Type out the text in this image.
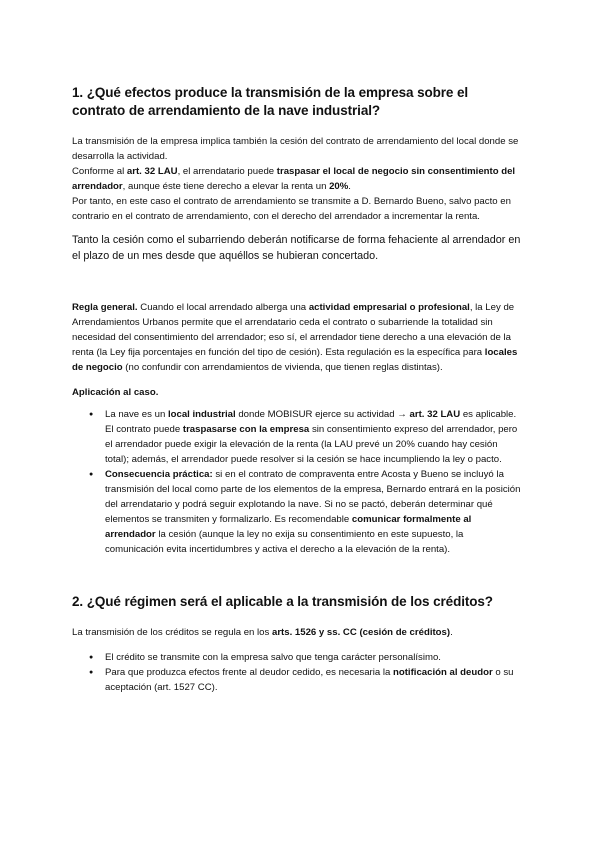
1. ¿Qué efectos produce la transmisión de la empresa sobre el contrato de arrendamiento de la nave industrial?

La transmisión de la empresa implica también la cesión del contrato de arrendamiento del local donde se desarrolla la actividad.

Conforme al art. 32 LAU, el arrendatario puede traspasar el local de negocio sin consentimiento del arrendador, aunque éste tiene derecho a elevar la renta un 20%.

Por tanto, en este caso el contrato de arrendamiento se transmite a D. Bernardo Bueno, salvo pacto en contrario en el contrato de arrendamiento, con el derecho del arrendador a incrementar la renta.

Tanto la cesión como el subarriendo deberán notificarse de forma fehaciente al arrendador en el plazo de un mes desde que aquéllos se hubieran concertado.

Regla general. Cuando el local arrendado alberga una actividad empresarial o profesional, la Ley de Arrendamientos Urbanos permite que el arrendatario ceda el contrato o subarriende la totalidad sin necesidad del consentimiento del arrendador; eso sí, el arrendador tiene derecho a una elevación de la renta (la Ley fija porcentajes en función del tipo de cesión). Esta regulación es la específica para locales de negocio (no confundir con arrendamientos de vivienda, que tienen reglas distintas).

Aplicación al caso.

● La nave es un local industrial donde MOBISUR ejerce su actividad → art. 32 LAU es aplicable. El contrato puede traspasarse con la empresa sin consentimiento expreso del arrendador, pero el arrendador puede exigir la elevación de la renta (la LAU prevé un 20% cuando hay cesión total); además, el arrendador puede resolver si la cesión se hace incumpliendo la ley o pacto.
● Consecuencia práctica: si en el contrato de compraventa entre Acosta y Bueno se incluyó la transmisión del local como parte de los elementos de la empresa, Bernardo entrará en la posición del arrendatario y podrá seguir explotando la nave. Si no se pactó, deberán determinar qué elementos se transmiten y formalizarlo. Es recomendable comunicar formalmente al arrendador la cesión (aunque la ley no exija su consentimiento en este supuesto, la comunicación evita incertidumbres y activa el derecho a la elevación de la renta).
2. ¿Qué régimen será el aplicable a la transmisión de los créditos?

La transmisión de los créditos se regula en los arts. 1526 y ss. CC (cesión de créditos).

● El crédito se transmite con la empresa salvo que tenga carácter personalísimo.
● Para que produzca efectos frente al deudor cedido, es necesaria la notificación al deudor o su aceptación (art. 1527 CC).
